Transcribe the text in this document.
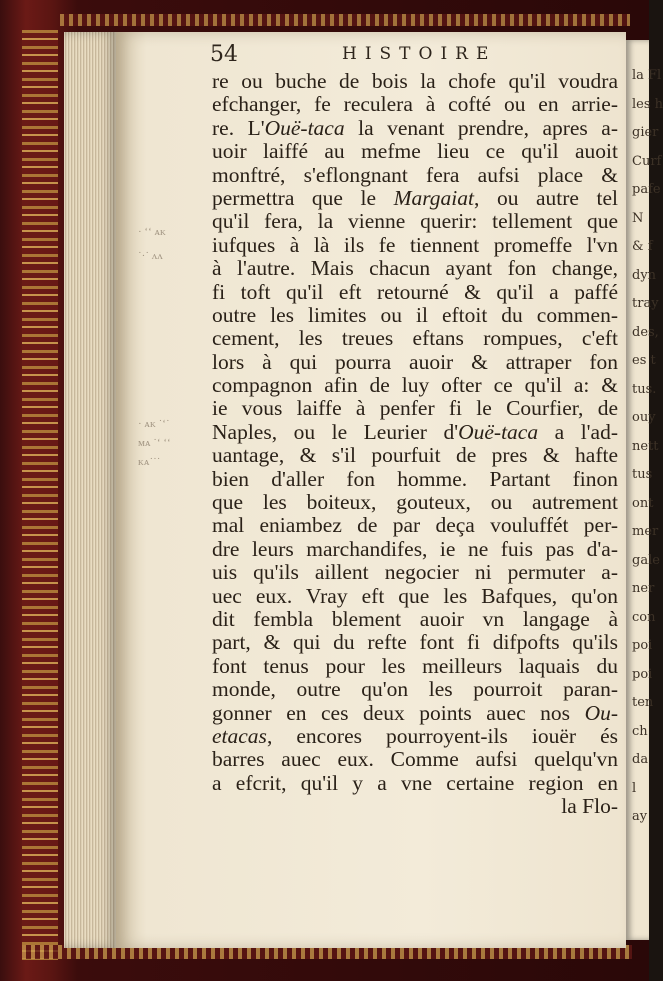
la Fl
les h
gier
Curf
pafe
N
& f
dyn
tray
des,
es t
tus.
ouy
nett
tus
ont
mer
gale
ner
con
poi
poi
ten
ch
da
l
ay
54	HISTOIRE
re ou buche de bois la chofe qu'il voudra
efchanger, fe reculera à cofté ou en arrie-
re. L'Ouë-taca la venant prendre, apres a-
uoir laiffé au mefme lieu ce qu'il auoit
monftré, s'eflongnant fera aufsi place &
permettra que le Margaiat, ou autre tel
qu'il fera, la vienne querir: tellement que
iufques à là ils fe tiennent promeffe l'vn
à l'autre. Mais chacun ayant fon change,
fi toft qu'il eft retourné & qu'il a paffé
outre les limites ou il eftoit du commen-
cement, les treues eftans rompues, c'eft
lors à qui pourra auoir & attraper fon
compagnon afin de luy ofter ce qu'il a: &
ie vous laiffe à penfer fi le Courfier, de
Naples, ou le Leurier d'Ouë-taca a l'ad-
uantage, & s'il pourfuit de pres & hafte
bien d'aller fon homme. Partant finon
que les boiteux, gouteux, ou autrement
mal eniambez de par deça vouluffét per-
dre leurs marchandifes, ie ne fuis pas d'a-
uis qu'ils aillent negocier ni permuter a-
uec eux. Vray eft que les Bafques, qu'on
dit fembla blement auoir vn langage à
part, & qui du refte font fi difpofts qu'ils
font tenus pour les meilleurs laquais du
monde, outre qu'on les pourroit paran-
gonner en ces deux points auec nos Ou-
etacas, encores pourroyent-ils iouër és
barres auec eux. Comme aufsi quelqu'vn
a efcrit, qu'il y a vne certaine region en
la Flo-
· ʻʻ ᴀᴋ
˙·˙ ʌʌ
· ᴀᴋ ˙ʻ˙
ᴍᴀ ˙ʻ ʻʻ
ᴋᴀ˙˙˙
